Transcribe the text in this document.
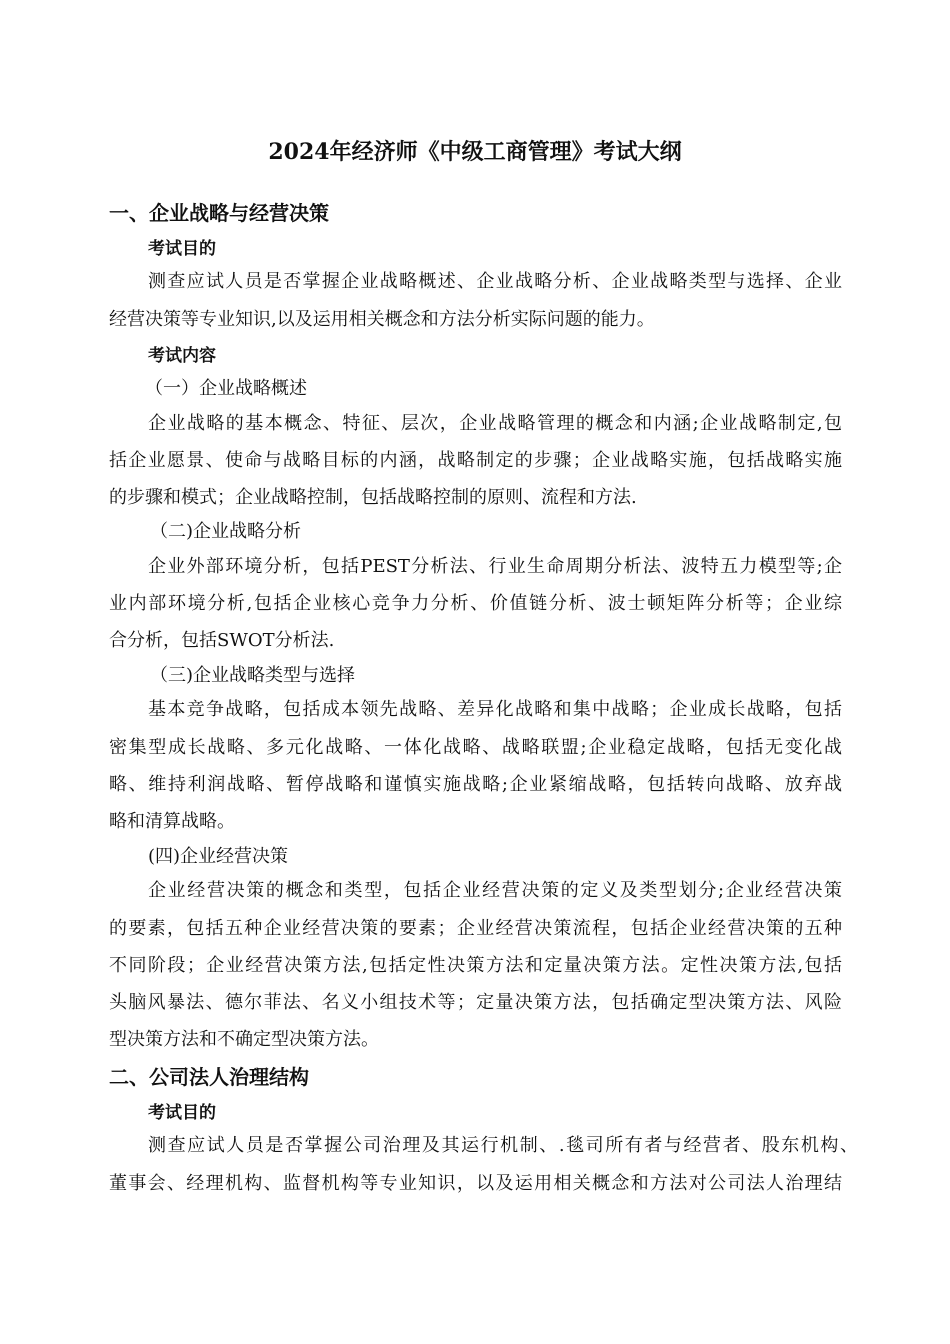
2024年经济师《中级工商管理》考试大纲
一、企业战略与经营决策
考试目的
测查应试人员是否掌握企业战略概述、企业战略分析、企业战略类型与选择、企业
经营决策等专业知识,以及运用相关概念和方法分析实际问题的能力。
考试内容
（一）企业战略概述
企业战略的基本概念、特征、层次，企业战略管理的概念和内涵;企业战略制定,包
括企业愿景、使命与战略目标的内涵，战略制定的步骤；企业战略实施，包括战略实施
的步骤和模式；企业战略控制，包括战略控制的原则、流程和方法.
（二)企业战略分析
企业外部环境分析，包括PEST分析法、行业生命周期分析法、波特五力模型等;企
业内部环境分析,包括企业核心竞争力分析、价值链分析、波士顿矩阵分析等；企业综
合分析，包括SWOT分析法.
（三)企业战略类型与选择
基本竞争战略，包括成本领先战略、差异化战略和集中战略；企业成长战略，包括
密集型成长战略、多元化战略、一体化战略、战略联盟;企业稳定战略，包括无变化战
略、维持利润战略、暂停战略和谨慎实施战略;企业紧缩战略，包括转向战略、放弃战
略和清算战略。
(四)企业经营决策
企业经营决策的概念和类型，包括企业经营决策的定义及类型划分;企业经营决策
的要素，包括五种企业经营决策的要素；企业经营决策流程，包括企业经营决策的五种
不同阶段；企业经营决策方法,包括定性决策方法和定量决策方法。定性决策方法,包括
头脑风暴法、德尔菲法、名义小组技术等；定量决策方法，包括确定型决策方法、风险
型决策方法和不确定型决策方法。
二、公司法人治理结构
考试目的
测查应试人员是否掌握公司治理及其运行机制、.毯司所有者与经营者、股东机构、
董事会、经理机构、监督机构等专业知识，以及运用相关概念和方法对公司法人治理结
